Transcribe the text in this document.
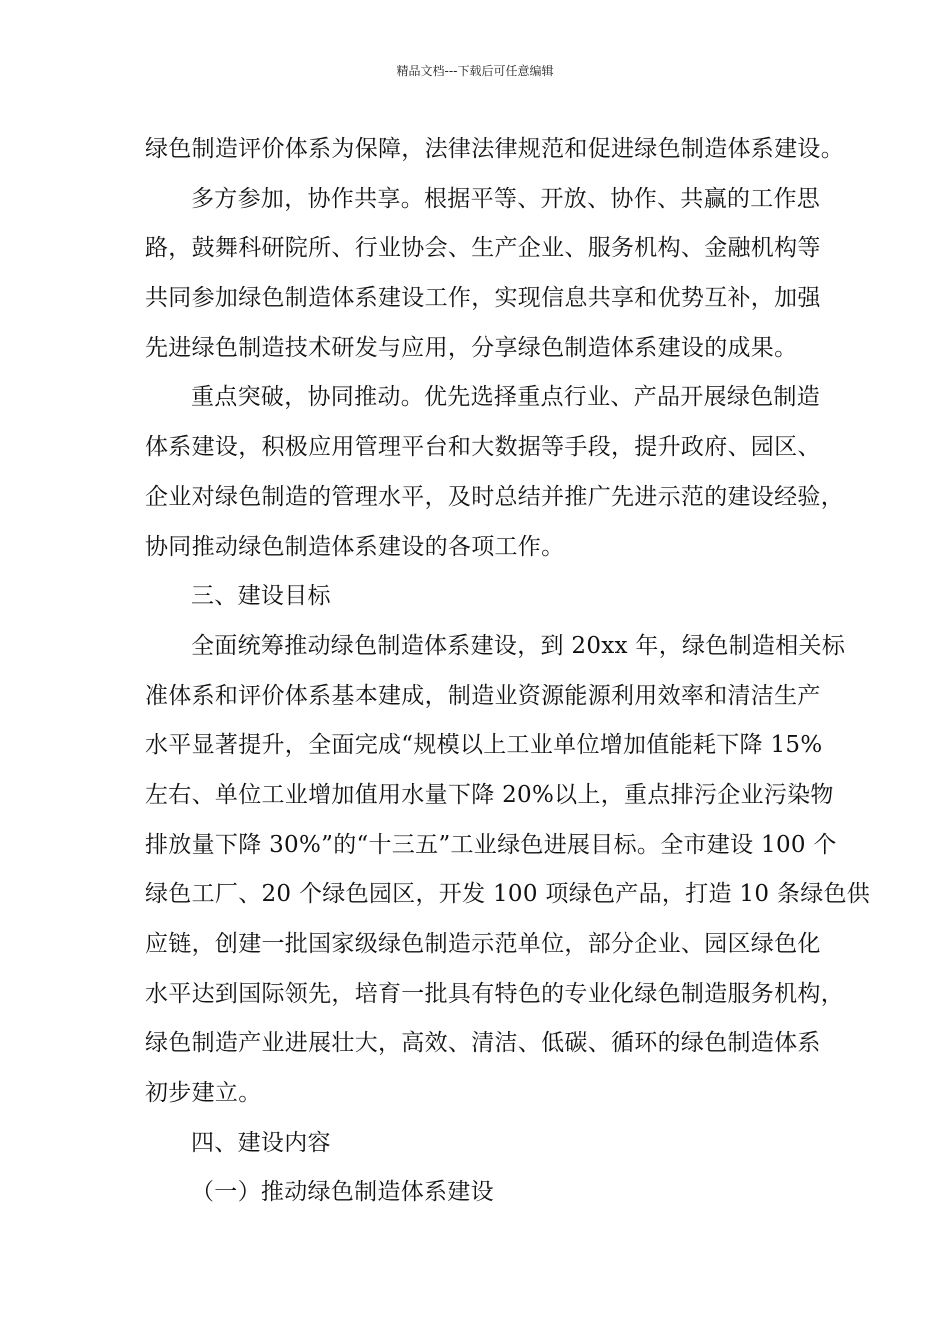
精品文档---下载后可任意编辑
绿色制造评价体系为保障，法律法律规范和促进绿色制造体系建设。
多方参加，协作共享。根据平等、开放、协作、共赢的工作思
路，鼓舞科研院所、行业协会、生产企业、服务机构、金融机构等
共同参加绿色制造体系建设工作，实现信息共享和优势互补，加强
先进绿色制造技术研发与应用，分享绿色制造体系建设的成果。
重点突破，协同推动。优先选择重点行业、产品开展绿色制造
体系建设，积极应用管理平台和大数据等手段，提升政府、园区、
企业对绿色制造的管理水平，及时总结并推广先进示范的建设经验，
协同推动绿色制造体系建设的各项工作。
三、建设目标
全面统筹推动绿色制造体系建设，到 20xx 年，绿色制造相关标
准体系和评价体系基本建成，制造业资源能源利用效率和清洁生产
水平显著提升，全面完成“规模以上工业单位增加值能耗下降 15%
左右、单位工业增加值用水量下降 20%以上，重点排污企业污染物
排放量下降 30%”的“十三五”工业绿色进展目标。全市建设 100 个
绿色工厂、20 个绿色园区，开发 100 项绿色产品，打造 10 条绿色供
应链，创建一批国家级绿色制造示范单位，部分企业、园区绿色化
水平达到国际领先，培育一批具有特色的专业化绿色制造服务机构，
绿色制造产业进展壮大，高效、清洁、低碳、循环的绿色制造体系
初步建立。
四、建设内容
（一）推动绿色制造体系建设
